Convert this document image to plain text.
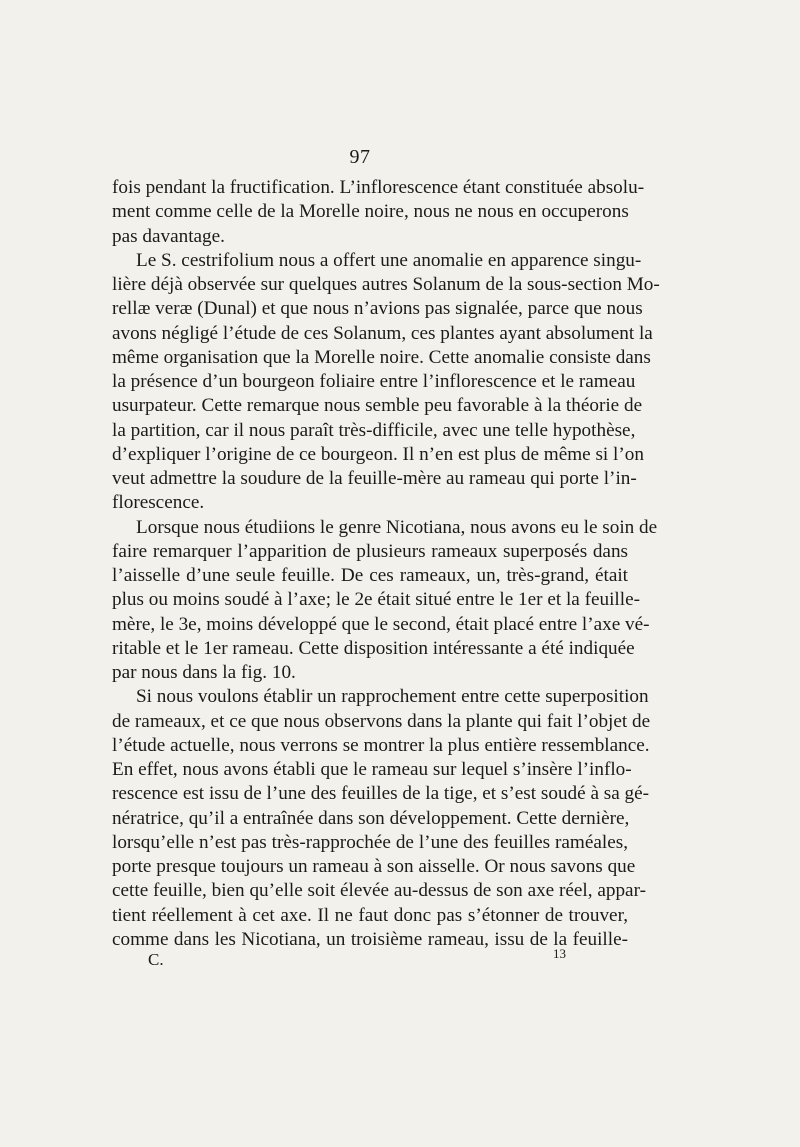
97

fois pendant la fructification. L’inflorescence étant constituée absolu-
ment comme celle de la Morelle noire, nous ne nous en occuperons
pas davantage.

Le S. cestrifolium nous a offert une anomalie en apparence singu-
lière déjà observée sur quelques autres Solanum de la sous-section Mo-
rellæ veræ (Dunal) et que nous n’avions pas signalée, parce que nous
avons négligé l’étude de ces Solanum, ces plantes ayant absolument la
même organisation que la Morelle noire. Cette anomalie consiste dans
la présence d’un bourgeon foliaire entre l’inflorescence et le rameau
usurpateur. Cette remarque nous semble peu favorable à la théorie de
la partition, car il nous paraît très-difficile, avec une telle hypothèse,
d’expliquer l’origine de ce bourgeon. Il n’en est plus de même si l’on
veut admettre la soudure de la feuille-mère au rameau qui porte l’in-
florescence.

Lorsque nous étudiions le genre Nicotiana, nous avons eu le soin de
faire remarquer l’apparition de plusieurs rameaux superposés dans
l’aisselle d’une seule feuille. De ces rameaux, un, très-grand, était
plus ou moins soudé à l’axe; le 2e était situé entre le 1er et la feuille-
mère, le 3e, moins développé que le second, était placé entre l’axe vé-
ritable et le 1er rameau. Cette disposition intéressante a été indiquée
par nous dans la fig. 10.

Si nous voulons établir un rapprochement entre cette superposition
de rameaux, et ce que nous observons dans la plante qui fait l’objet de
l’étude actuelle, nous verrons se montrer la plus entière ressemblance.
En effet, nous avons établi que le rameau sur lequel s’insère l’inflo-
rescence est issu de l’une des feuilles de la tige, et s’est soudé à sa gé-
nératrice, qu’il a entraînée dans son développement. Cette dernière,
lorsqu’elle n’est pas très-rapprochée de l’une des feuilles raméales,
porte presque toujours un rameau à son aisselle. Or nous savons que
cette feuille, bien qu’elle soit élevée au-dessus de son axe réel, appar-
tient réellement à cet axe. Il ne faut donc pas s’étonner de trouver,
comme dans les Nicotiana, un troisième rameau, issu de la feuille-

C.	13
